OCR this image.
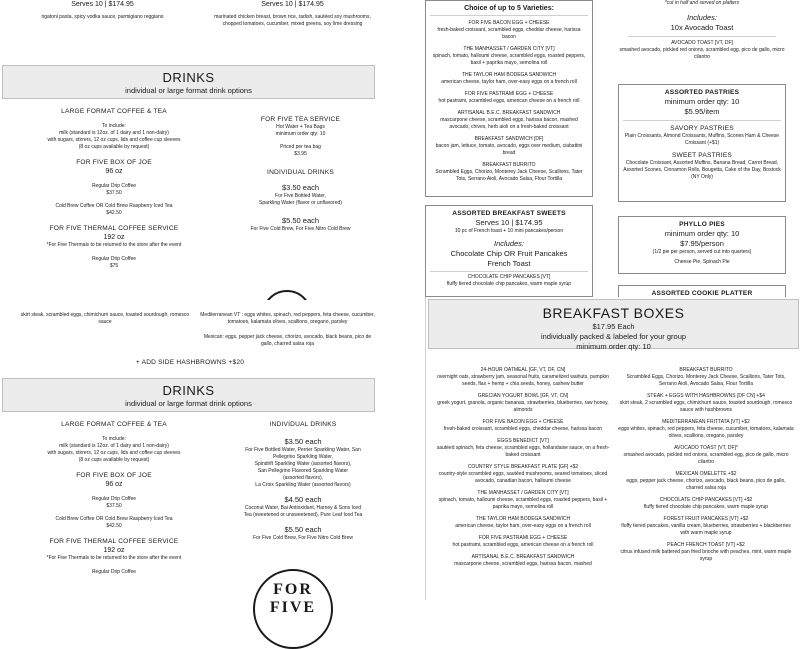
Serves 10 | $174.95
rigatoni pasta, spicy vodka sauce, parmigiano reggiano
Serves 10 | $174.95
marinated chicken breast, brown rice, radish, sautéed soy mushrooms, chopped tomatoes, cucumber, mixed greens, soy lime dressing
DRINKS
individual or large format drink options
LARGE FORMAT COFFEE & TEA
To include:
milk (standard is 12oz. of 1 dairy and 1 non-dairy)
with sugars, stirrers, 12 oz cups, lids and coffee cup sleeves
(8 oz cups available by request)
FOR FIVE BOX OF JOE
96 oz
Regular Drip Coffee
$37.50
Cold Brew Coffee OR Cold Brew Raspberry Iced Tea
$42.50
FOR FIVE THERMAL COFFEE SERVICE
192 oz
*For Five Thermals to be returned to the store after the event
Regular Drip Coffee
$75
FOR FIVE TEA SERVICE
Hot Water + Tea Bags
minimum order qty: 10
Priced per tea bag
$3.95
INDIVIDUAL DRINKS
$3.50 each
For Five Bottled Water,
Sparkling Water (flavor or unflavored)
$5.50 each
For Five Cold Brew, For Five Nitro Cold Brew
skirt steak, scrambled eggs, chimichurri sauce, toasted sourdough, romesco sauce
Mediterranean VT : eggs whites, spinach, red peppers, feta cheese, cucumber, tomatoes, kalamata olives, scallions, oregano, parsley
Mexican: eggs, pepper jack cheese, chorizo, avocado, black beans, pico de gallo, charred salsa roja
+ ADD SIDE HASHBROWNS +$20
DRINKS
individual or large format drink options
LARGE FORMAT COFFEE & TEA
To include:
milk (standard is 12oz. of 1 dairy and 1 non-dairy)
with sugars, stirrers, 12 oz cups, lids and coffee cup sleeves
(8 oz cups available by request)
FOR FIVE BOX OF JOE
96 oz
Regular Drip Coffee
$37.50
Cold Brew Coffee OR Cold Brew Raspberry Iced Tea
$42.50
FOR FIVE THERMAL COFFEE SERVICE
192 oz
*For Five Thermals to be returned to the store after the event
Regular Drip Coffee
INDIVIDUAL DRINKS
$3.50 each
For Five Bottled Water, Perrier Sparkling Water, San
Pellegrino Sparkling Water,
Spindrift Sparkling Water (assorted flavors),
San Pellegrino Flavored Sparkling Water
(assorted flavors),
La Croix Sparkling Water (assorted flavors)
$4.50 each
Coconut Water, Bai Antioxidant, Harney & Sons Iced
Tea (sweetened or unsweetened), Pure Leaf Iced Tea
$5.50 each
For Five Cold Brew, For Five Nitro Cold Brew
FOR FIVE
Choice of up to 5 Varieties:
FOR FIVE BACON EGG + CHEESE
fresh-baked croissant, scrambled eggs, cheddar cheese, harissa bacon
THE MANHASSET / GARDEN CITY [VT]
spinach, tomato, halloumi cheese, scrambled eggs, roasted peppers, basil + paprika mayo, semolina roll
THE TAYLOR HAM BODEGA SANDWICH
american cheese, taylor ham, over-easy eggs on a french roll
FOR FIVE PASTRAMI EGG + CHEESE
hot pastrami, scrambled eggs, american cheese on a french roll
ARTISANAL B.E.C. BREAKFAST SANDWICH
mascarpone cheese, scrambled eggs, harissa bacon, mashed avocado, chives, herb aioli on a fresh-baked croissant
BREAKFAST SANDWICH [DF]
bacon jam, lettuce, tomato, avocado, eggs over medium, ciabattini bread
BREAKFAST BURRITO
Scrambled Eggs, Chorizo, Monterey Jack Cheese, Scallions, Tater Tots, Serrano Aioli, Avocado Salsa, Flour Tortilla
ASSORTED BREAKFAST SWEETS
Serves 10 | $174.95
10 pc of French toast + 10 mini pancakes/person
Includes:
Chocolate Chip OR Fruit Pancakes
French Toast
CHOCOLATE CHIP PANCAKES [VT]
fluffy tiered chocolate chip pancakes, warm maple syrup
*cut in half and served on platters
Includes:
10x Avocado Toast
AVOCADO TOAST [VT, DF]
smashed avocado, pickled red onions, scrambled egg, pico de gallo, micro cilantro
ASSORTED PASTRIES
minimum order qty: 10
$5.95/item
SAVORY PASTRIES
Plain Croissants, Almond Croissants, Muffins, Scones Ham & Cheese Croissant (+$1)
SWEET PASTRIES
Chocolate Croissant, Assorted Muffins, Banana Bread, Carrot Bread, Assorted Scones, Cinnamon Rolls, Bougetta, Cake of the Day, Bostock (NY Only)
PHYLLO PIES
minimum order qty: 10
$7.95/person
(1/2 pie per person, served cut into quarters)
Cheese Pie, Spinach Pie
ASSORTED COOKIE PLATTER
BREAKFAST BOXES
$17.95 Each
individually packed & labeled for your group
minimum order qty: 10
24-HOUR OATMEAL [GF, VT, DF, CN]
overnight oats, strawberry jam, seasonal fruits, caramelized walnuts, pumpkin seeds, flax + hemp + chia seeds, honey, cashew butter
GRECIAN YOGURT BOWL [GF, VT, CN]
greek yogurt, granola, organic bananas, strawberries, blueberries, raw honey, almonds
FOR FIVE BACON EGG + CHEESE
fresh-baked croissant, scrambled eggs, cheddar cheese, harissa bacon
EGGS BENEDICT [VT]
sautéed spinach, feta cheese, scrambled eggs, hollandaise sauce, on a fresh-baked croissant
COUNTRY STYLE BREAKFAST PLATE [GF] +$2
country-style scrambled eggs, sautéed mushrooms, seared tomatoes, sliced avocado, canadian bacon, halloumi cheese
THE MANHASSET / GARDEN CITY [VT]
spinach, tomato, halloumi cheese, scrambled eggs, roasted peppers, basil + paprika mayo, semolina roll
THE TAYLOR HAM BODEGA SANDWICH
american cheese, taylor ham, over-easy eggs on a french roll
FOR FIVE PASTRAMI EGG + CHEESE
hot pastrami, scrambled eggs, american cheese on a french roll
ARTISANAL B.E.C. BREAKFAST SANDWICH
mascarpone cheese, scrambled eggs, harissa bacon, mashed
BREAKFAST BURRITO
Scrambled Eggs, Chorizo, Monterey Jack Cheese, Scallions, Tater Tots, Serrano Aioli, Avocado Salsa, Flour Tortilla
STEAK + EGGS WITH HASHBROWNS [DF CN] +$4
skirt steak, 2 scrambled eggs, chimichurri sauce, toasted sourdough, romesco sauce with hashbrowns
MEDITERRANEAN FRITTATA [VT] +$2
eggs whites, spinach, red peppers, feta cheese, cucumber, tomatoes, kalamata olives, scallions, oregano, parsley
AVOCADO TOAST [VT, DF]*
smashed avocado, pickled red onions, scrambled egg, pico de gallo, micro cilantro
MEXICAN OMELETTE +$2
eggs, pepper jack cheese, chorizo, avocado, black beans, pico de gallo, charred salsa roja
CHOCOLATE CHIP PANCAKES [VT] +$2
fluffy tiered chocolate chip pancakes, warm maple syrup
FOREST FRUIT PANCAKES [VT] +$2
fluffy tiered pancakes, vanilla cream, blueberries, strawberries + blackberries with warm maple syrup
PEACH FRENCH TOAST [VT] +$2
citrus infused milk battered pan fried brioche with peaches, mint, warm maple syrup
